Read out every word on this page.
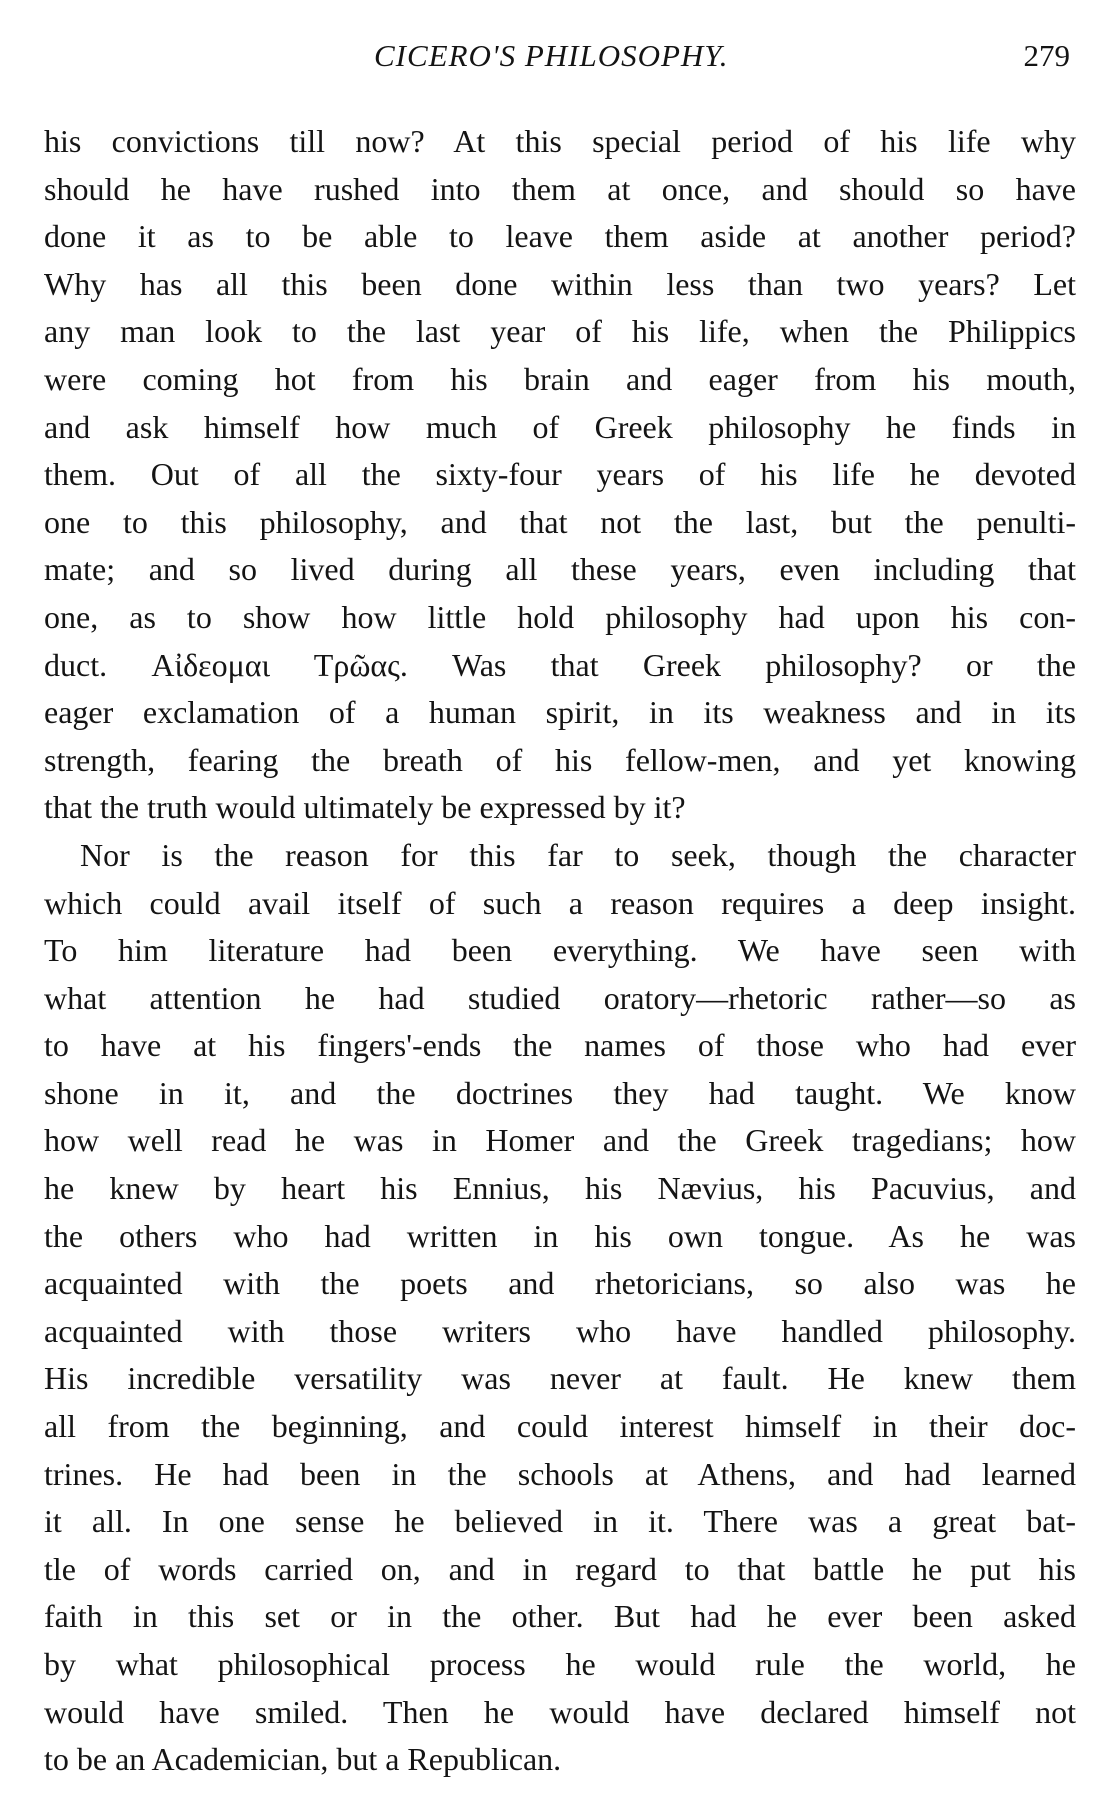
CICERO'S PHILOSOPHY.	279
his convictions till now? At this special period of his life why
should he have rushed into them at once, and should so have
done it as to be able to leave them aside at another period?
Why has all this been done within less than two years? Let
any man look to the last year of his life, when the Philippics
were coming hot from his brain and eager from his mouth,
and ask himself how much of Greek philosophy he finds in
them. Out of all the sixty-four years of his life he devoted
one to this philosophy, and that not the last, but the penulti-
mate; and so lived during all these years, even including that
one, as to show how little hold philosophy had upon his con-
duct. Αἰδεομαι Τρῶας. Was that Greek philosophy? or the
eager exclamation of a human spirit, in its weakness and in its
strength, fearing the breath of his fellow-men, and yet knowing
that the truth would ultimately be expressed by it?
Nor is the reason for this far to seek, though the character
which could avail itself of such a reason requires a deep insight.
To him literature had been everything. We have seen with
what attention he had studied oratory—rhetoric rather—so as
to have at his fingers'-ends the names of those who had ever
shone in it, and the doctrines they had taught. We know
how well read he was in Homer and the Greek tragedians; how
he knew by heart his Ennius, his Nævius, his Pacuvius, and
the others who had written in his own tongue. As he was
acquainted with the poets and rhetoricians, so also was he
acquainted with those writers who have handled philosophy.
His incredible versatility was never at fault. He knew them
all from the beginning, and could interest himself in their doc-
trines. He had been in the schools at Athens, and had learned
it all. In one sense he believed in it. There was a great bat-
tle of words carried on, and in regard to that battle he put his
faith in this set or in the other. But had he ever been asked
by what philosophical process he would rule the world, he
would have smiled. Then he would have declared himself not
to be an Academician, but a Republican.
